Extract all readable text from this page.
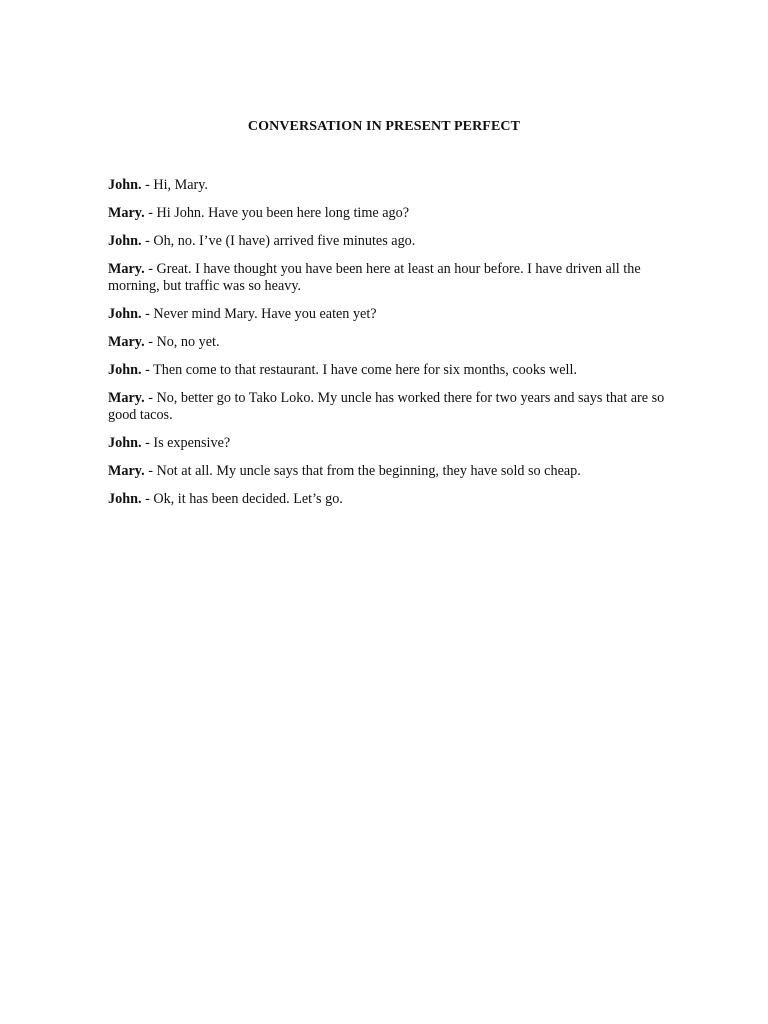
CONVERSATION IN PRESENT PERFECT

John. - Hi, Mary.

Mary. - Hi John. Have you been here long time ago?

John. - Oh, no. I’ve (I have) arrived five minutes ago.

Mary. - Great. I have thought you have been here at least an hour before. I have driven all the morning, but traffic was so heavy.

John. - Never mind Mary. Have you eaten yet?

Mary. - No, no yet.

John. - Then come to that restaurant. I have come here for six months, cooks well.

Mary. - No, better go to Tako Loko. My uncle has worked there for two years and says that are so good tacos.

John. - Is expensive?

Mary. - Not at all. My uncle says that from the beginning, they have sold so cheap.

John. - Ok, it has been decided. Let’s go.
